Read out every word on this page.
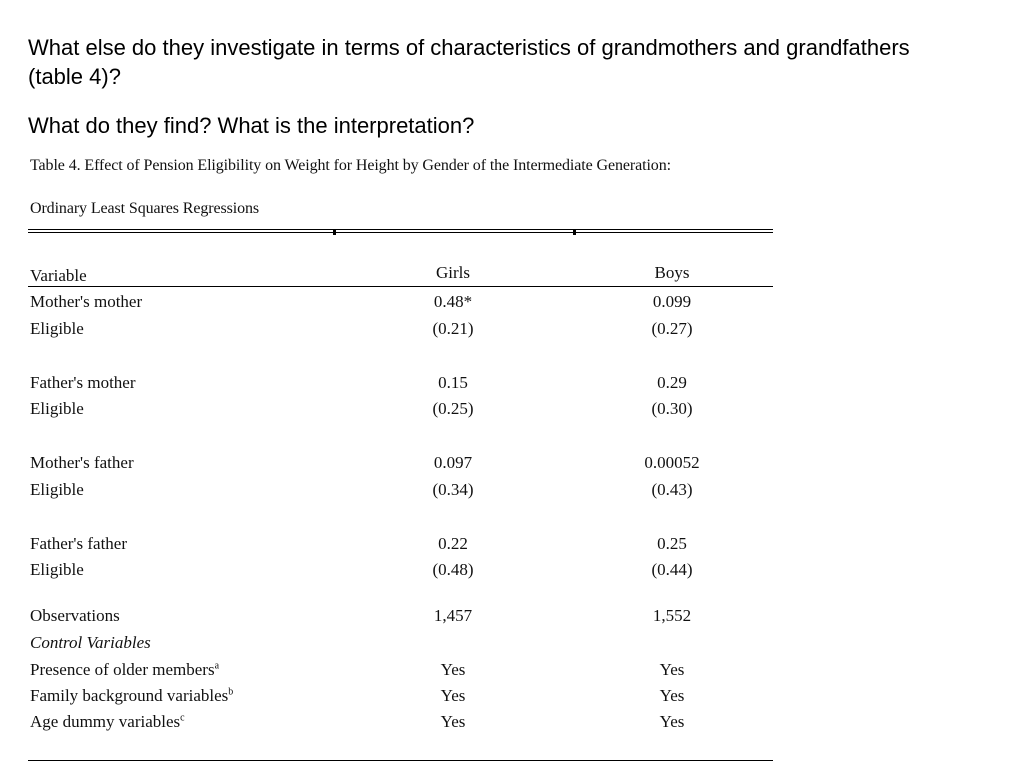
What else do they investigate in terms of characteristics of grandmothers and grandfathers (table 4)?

What do they find? What is the interpretation?

Table 4. Effect of Pension Eligibility on Weight for Height by Gender of the Intermediate Generation:
Ordinary Least Squares Regressions
Variable	Girls	Boys
Mother's mother	0.48*	0.099
Eligible	(0.21)	(0.27)
Father's mother	0.15	0.29
Eligible	(0.25)	(0.30)
Mother's father	0.097	0.00052
Eligible	(0.34)	(0.43)
Father's father	0.22	0.25
Eligible	(0.48)	(0.44)
Observations	1,457	1,552
Control Variables
Presence of older members$^a$	Yes	Yes
Family background variables$^b$	Yes	Yes
Age dummy variables$^c$	Yes	Yes
